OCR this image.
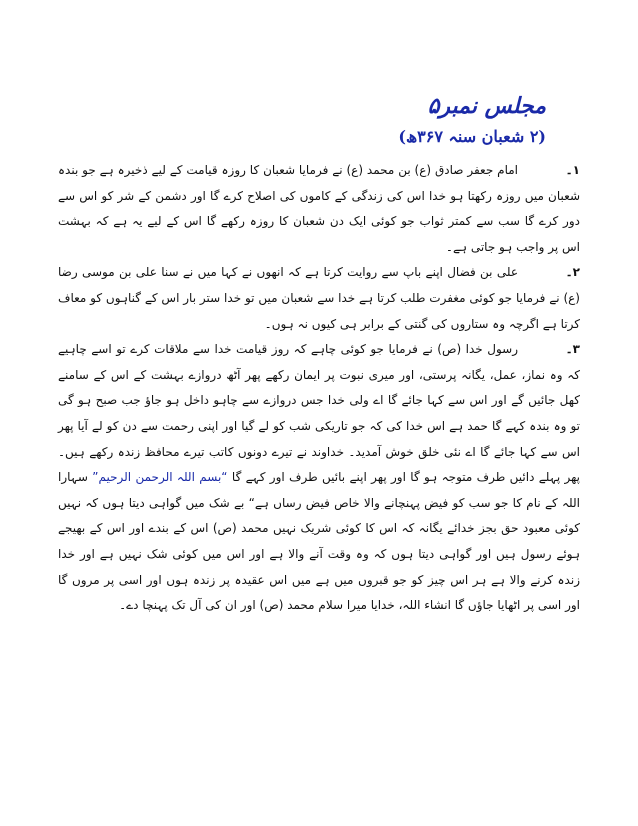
مجلس نمبر۵
(۲ شعبان سنہ ۳۶۷ھ)

۱۔امام جعفر صادق (ع) بن محمد (ع) نے فرمایا شعبان کا روزہ قیامت کے لیے ذخیرہ ہے جو بندہ شعبان میں روزہ رکھتا ہو خدا اس کی زندگی کے کاموں کی اصلاح کرے گا اور دشمن کے شر کو اس سے دور کرے گا سب سے کمتر ثواب جو کوئی ایک دن شعبان کا روزہ رکھے گا اس کے لیے یہ ہے کہ بہشت اس پر واجب ہو جاتی ہے۔

۲۔علی بن فضال اپنے باپ سے روایت کرتا ہے کہ انھوں نے کہا میں نے سنا علی بن موسی رضا (ع) نے فرمایا جو کوئی مغفرت طلب کرتا ہے خدا سے شعبان میں تو خدا ستر بار اس کے گناہوں کو معاف کرتا ہے اگرچہ وہ ستاروں کی گنتی کے برابر ہی کیوں نہ ہوں۔

۳۔رسول خدا (ص) نے فرمایا جو کوئی چاہے کہ روز قیامت خدا سے ملاقات کرے تو اسے چاہیے کہ وہ نماز، عمل، یگانہ پرستی، اور میری نبوت پر ایمان رکھے پھر آٹھ دروازے بہشت کے اس کے سامنے کھل جائیں گے اور اس سے کہا جائے گا اے ولی خدا جس دروازے سے چاہو داخل ہو جاؤ جب صبح ہو گی تو وہ بندہ کہے گا حمد ہے اس خدا کی کہ جو تاریکی شب کو لے گیا اور اپنی رحمت سے دن کو لے آیا پھر اس سے کہا جائے گا اے نئی خلق خوش آمدید۔ خداوند نے تیرے دونوں کاتب تیرے محافظ زندہ رکھے ہیں۔ پھر پہلے دائیں طرف متوجہ ہو گا اور پھر اپنے بائیں طرف اور کہے گا “بسم اللہ الرحمن الرحیم” سہارا اللہ کے نام کا جو سب کو فیض پہنچانے والا خاص فیض رساں ہے“ بے شک میں گواہی دیتا ہوں کہ نہیں کوئی معبود حق بجز خدائے یگانہ کہ اس کا کوئی شریک نہیں محمد (ص) اس کے بندے اور اس کے بھیجے ہوئے رسول ہیں اور گواہی دیتا ہوں کہ وہ وقت آنے والا ہے اور اس میں کوئی شک نہیں ہے اور خدا زندہ کرنے والا ہے ہر اس چیز کو جو قبروں میں ہے میں اس عقیدہ پر زندہ ہوں اور اسی پر مروں گا اور اسی پر اٹھایا جاؤں گا انشاء اللہ، خدایا میرا سلام محمد (ص) اور ان کی آل تک پہنچا دے۔
